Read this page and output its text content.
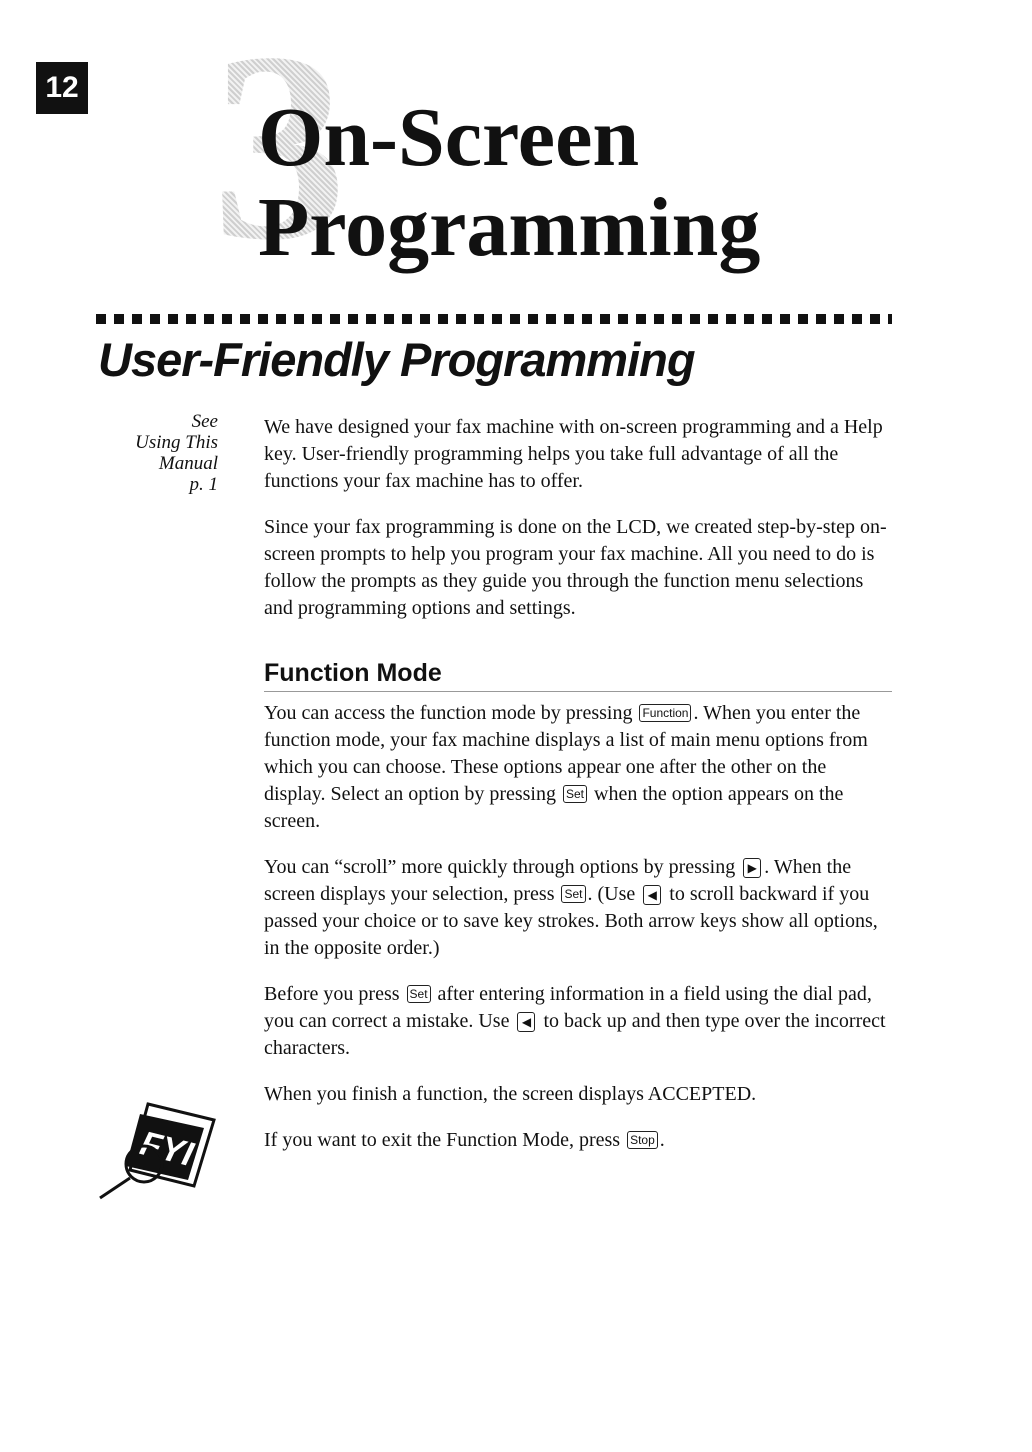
12 3
On-Screen
Programming
User-Friendly Programming
See
Using This
Manual
p. 1

We have designed your fax machine with on-screen programming and a Help key. User-friendly programming helps you take full advantage of all the functions your fax machine has to offer.

Since your fax programming is done on the LCD, we created step-by-step on-screen prompts to help you program your fax machine. All you need to do is follow the prompts as they guide you through the function menu selections and programming options and settings.

Function Mode

You can access the function mode by pressing Function . When you enter the function mode, your fax machine displays a list of main menu options from which you can choose. These options appear one after the other on the display. Select an option by pressing Set when the option appears on the screen.

You can “scroll” more quickly through options by pressing ▶ . When the screen displays your selection, press Set . (Use ◀ to scroll backward if you passed your choice or to save key strokes. Both arrow keys show all options, in the opposite order.)

Before you press Set after entering information in a field using the dial pad, you can correct a mistake. Use ◀ to back up and then type over the incorrect characters.

When you finish a function, the screen displays ACCEPTED.

If you want to exit the Function Mode, press Stop .

FYI
